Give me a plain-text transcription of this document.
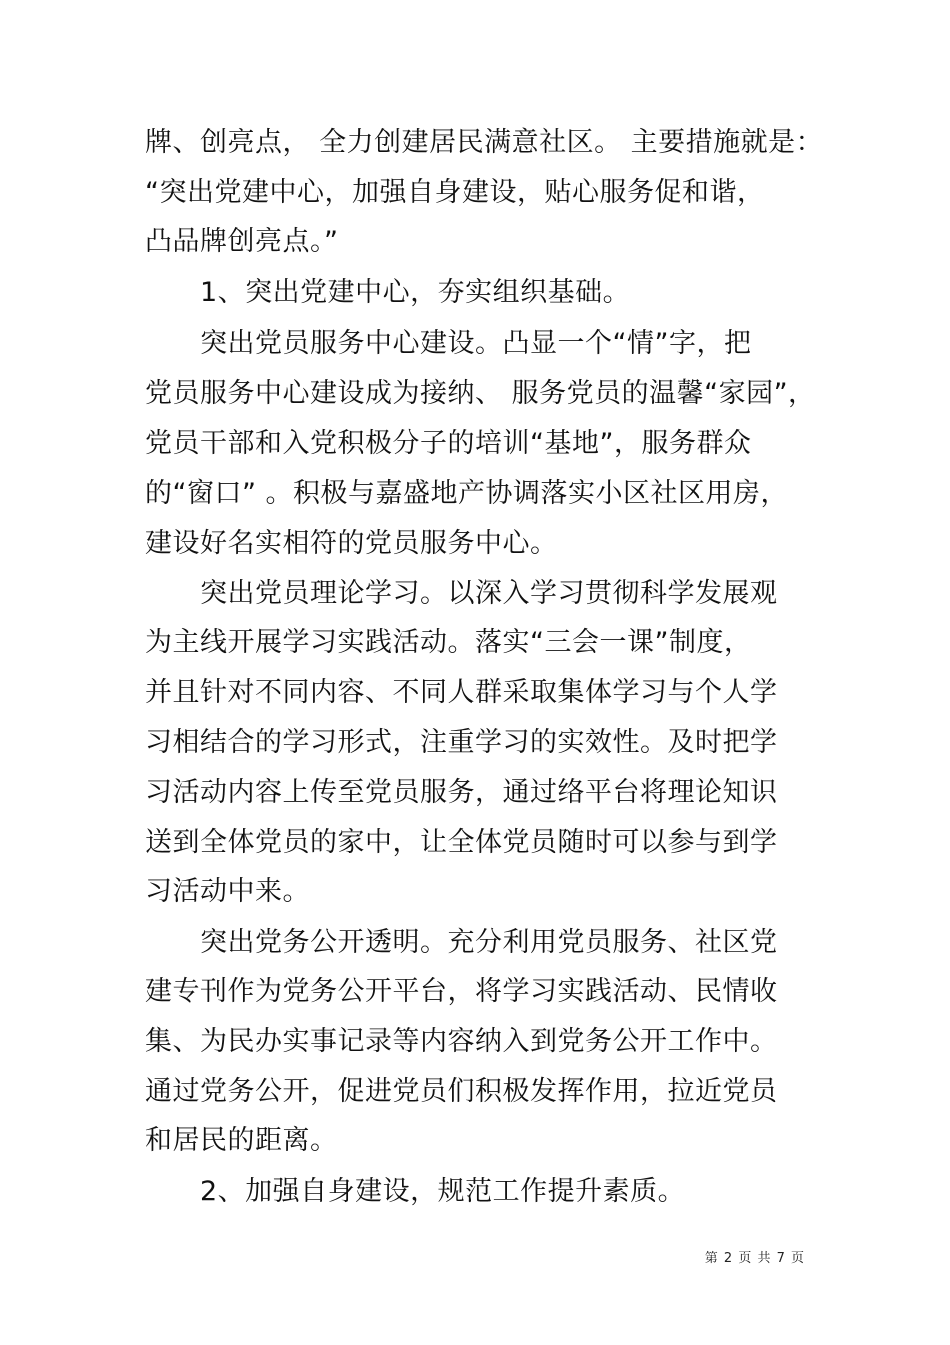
牌、创亮点， 全力创建居民满意社区。 主要措施就是：
“突出党建中心，加强自身建设，贴心服务促和谐，
凸品牌创亮点。”
1、突出党建中心，夯实组织基础。
突出党员服务中心建设。凸显一个“情”字，把
党员服务中心建设成为接纳、 服务党员的温馨“家园”，
党员干部和入党积极分子的培训“基地”，服务群众
的“窗口” 。积极与嘉盛地产协调落实小区社区用房，
建设好名实相符的党员服务中心。
突出党员理论学习。以深入学习贯彻科学发展观
为主线开展学习实践活动。落实“三会一课”制度，
并且针对不同内容、不同人群采取集体学习与个人学
习相结合的学习形式，注重学习的实效性。及时把学
习活动内容上传至党员服务，通过络平台将理论知识
送到全体党员的家中，让全体党员随时可以参与到学
习活动中来。
突出党务公开透明。充分利用党员服务、社区党
建专刊作为党务公开平台，将学习实践活动、民情收
集、为民办实事记录等内容纳入到党务公开工作中。
通过党务公开，促进党员们积极发挥作用，拉近党员
和居民的距离。
2、加强自身建设，规范工作提升素质。
第 2 页 共 7 页
